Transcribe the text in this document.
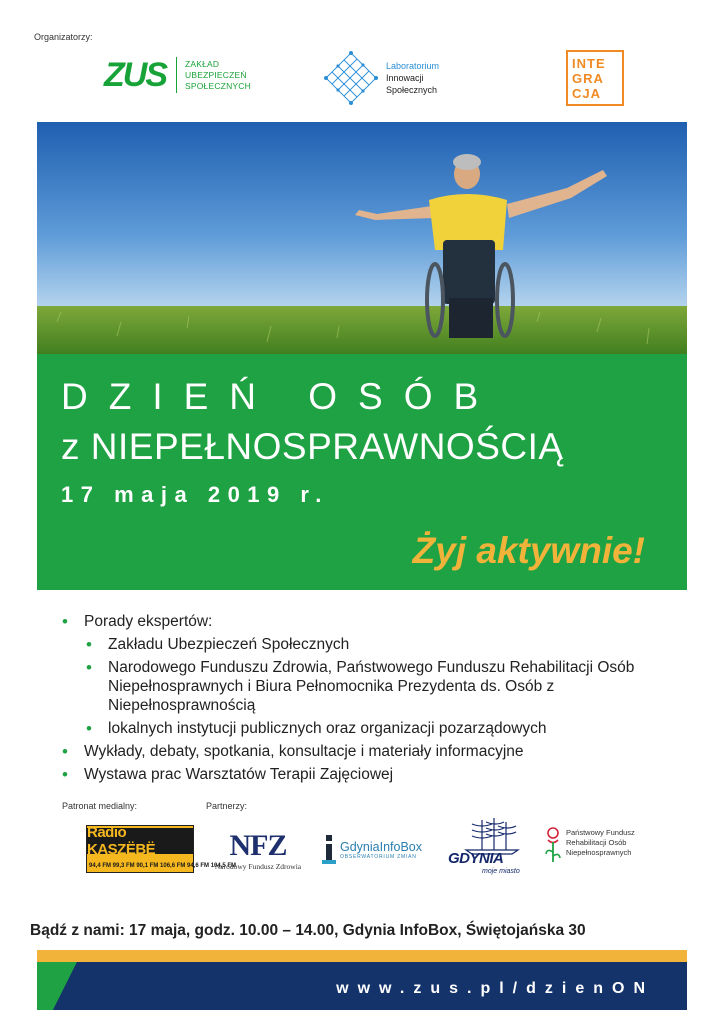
Organizatorzy:
ZUS ZAKŁAD
UBEZPIECZEŃ
SPOŁECZNYCH
Laboratorium
Innowacji
Społecznych
INTE
GRA
CJA
DZIEŃ OSÓB
z NIEPEŁNOSPRAWNOŚCIĄ
17 maja 2019 r.
Żyj aktywnie!
• Porady ekspertów:
• Zakładu Ubezpieczeń Społecznych
• Narodowego Funduszu Zdrowia, Państwowego Funduszu Rehabilitacji Osób Niepełnosprawnych i Biura Pełnomocnika Prezydenta ds. Osób z Niepełnosprawnością
• lokalnych instytucji publicznych oraz organizacji pozarządowych
• Wykłady, debaty, spotkania, konsultacje i materiały informacyjne
• Wystawa prac Warsztatów Terapii Zajęciowej
Patronat medialny:	Partnerzy:
Radio KASZËBË
94,4 FM 99,3 FM 90,1 FM 106,6 FM 94,6 FM 104,5 FM
NFZ
Narodowy Fundusz Zdrowia
GdyniaInfoBox
OBSERWATORIUM ZMIAN	GDYNIA
moje miasto
Państwowy Fundusz
Rehabilitacji Osób
Niepełnosprawnych
Bądź z nami: 17 maja, godz. 10.00 – 14.00, Gdynia InfoBox, Świętojańska 30
www.zus.pl/dzienON
